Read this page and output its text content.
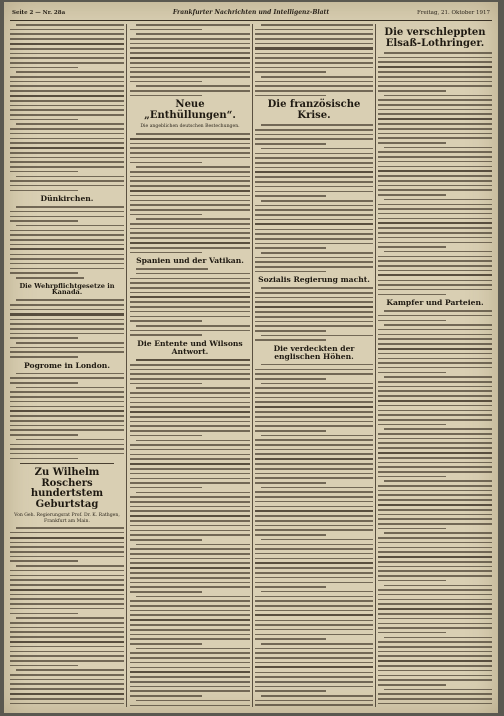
Seite 2 — Nr. 28a	Frankfurter Nachrichten und Intelligenz-Blatt	Freitag, 21. Oktober 1917
Dünkirchen.
Die Wehrpflichtgesetze in Kanada.
Pogrome in London.
Zu Wilhelm Roschers hundertstem Geburtstag
Von Geh. Regierungsrat Prof. Dr. K. Rathgen, Frankfurt am Main.
Neue „Enthüllungen“.
Die angeblichen deutschen Bestechungen.
Spanien und der Vatikan.
Die Entente und Wilsons Antwort.
Die französische Krise.
Sozialis Regierung macht.
Die verdeckten der englischen Höhen.
Die verschleppten Elsaß-Lothringer.
Kampfer und Parteien.
